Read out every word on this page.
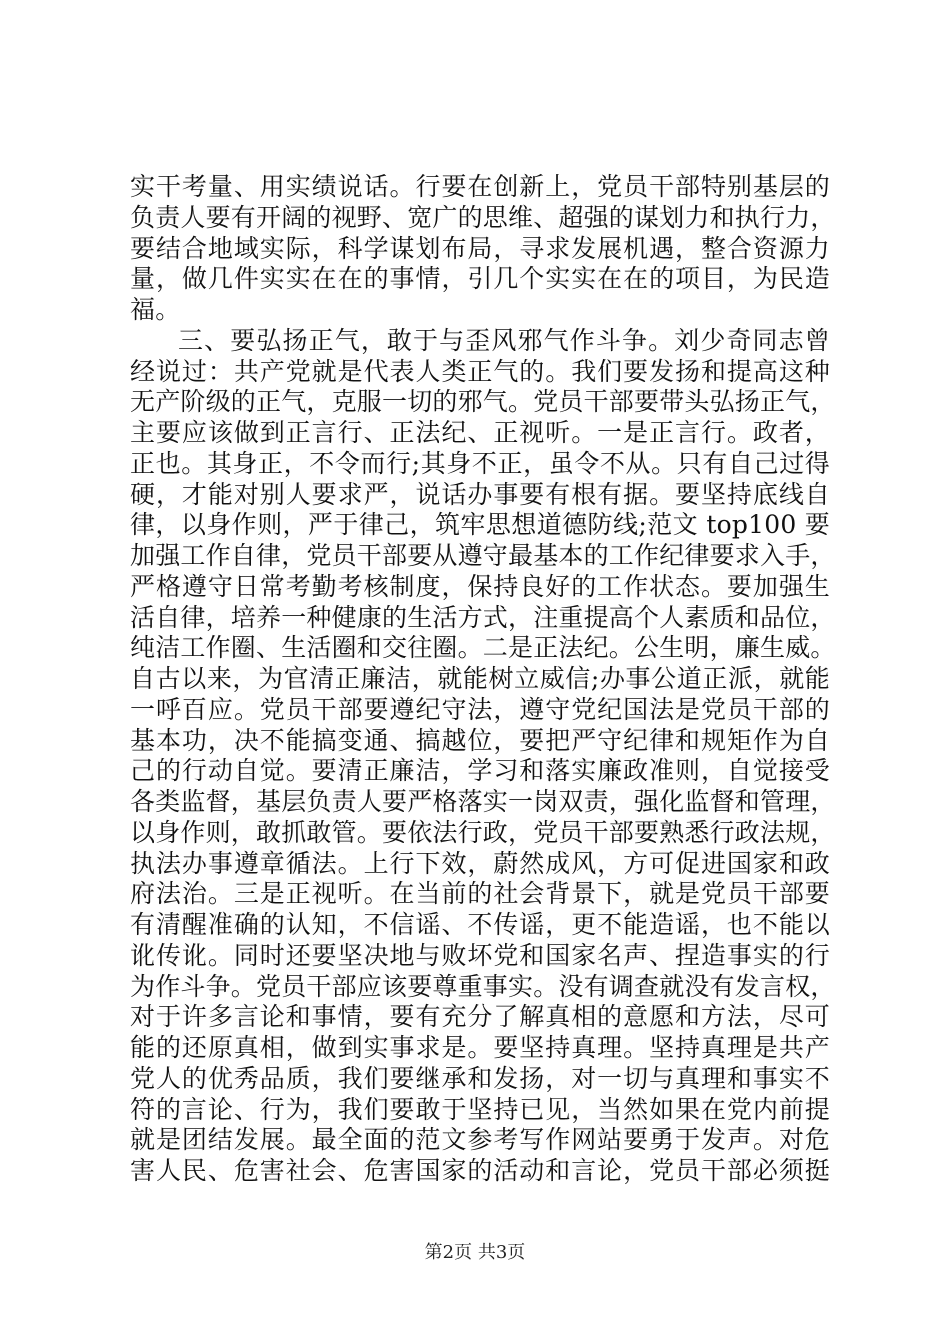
实干考量、用实绩说话。行要在创新上，党员干部特别基层的
负责人要有开阔的视野、宽广的思维、超强的谋划力和执行力，
要结合地域实际，科学谋划布局，寻求发展机遇，整合资源力
量，做几件实实在在的事情，引几个实实在在的项目，为民造
福。
三、要弘扬正气，敢于与歪风邪气作斗争。刘少奇同志曾
经说过：共产党就是代表人类正气的。我们要发扬和提高这种
无产阶级的正气，克服一切的邪气。党员干部要带头弘扬正气，
主要应该做到正言行、正法纪、正视听。一是正言行。政者，
正也。其身正，不令而行;其身不正，虽令不从。只有自己过得
硬，才能对别人要求严，说话办事要有根有据。要坚持底线自
律，以身作则，严于律己，筑牢思想道德防线;范文 top100 要
加强工作自律，党员干部要从遵守最基本的工作纪律要求入手，
严格遵守日常考勤考核制度，保持良好的工作状态。要加强生
活自律，培养一种健康的生活方式，注重提高个人素质和品位，
纯洁工作圈、生活圈和交往圈。二是正法纪。公生明，廉生威。
自古以来，为官清正廉洁，就能树立威信;办事公道正派，就能
一呼百应。党员干部要遵纪守法，遵守党纪国法是党员干部的
基本功，决不能搞变通、搞越位，要把严守纪律和规矩作为自
己的行动自觉。要清正廉洁，学习和落实廉政准则，自觉接受
各类监督，基层负责人要严格落实一岗双责，强化监督和管理，
以身作则，敢抓敢管。要依法行政，党员干部要熟悉行政法规，
执法办事遵章循法。上行下效，蔚然成风，方可促进国家和政
府法治。三是正视听。在当前的社会背景下，就是党员干部要
有清醒准确的认知，不信谣、不传谣，更不能造谣，也不能以
讹传讹。同时还要坚决地与败坏党和国家名声、捏造事实的行
为作斗争。党员干部应该要尊重事实。没有调查就没有发言权，
对于许多言论和事情，要有充分了解真相的意愿和方法，尽可
能的还原真相，做到实事求是。要坚持真理。坚持真理是共产
党人的优秀品质，我们要继承和发扬，对一切与真理和事实不
符的言论、行为，我们要敢于坚持已见，当然如果在党内前提
就是团结发展。最全面的范文参考写作网站要勇于发声。对危
害人民、危害社会、危害国家的活动和言论，党员干部必须挺
第2页 共3页
